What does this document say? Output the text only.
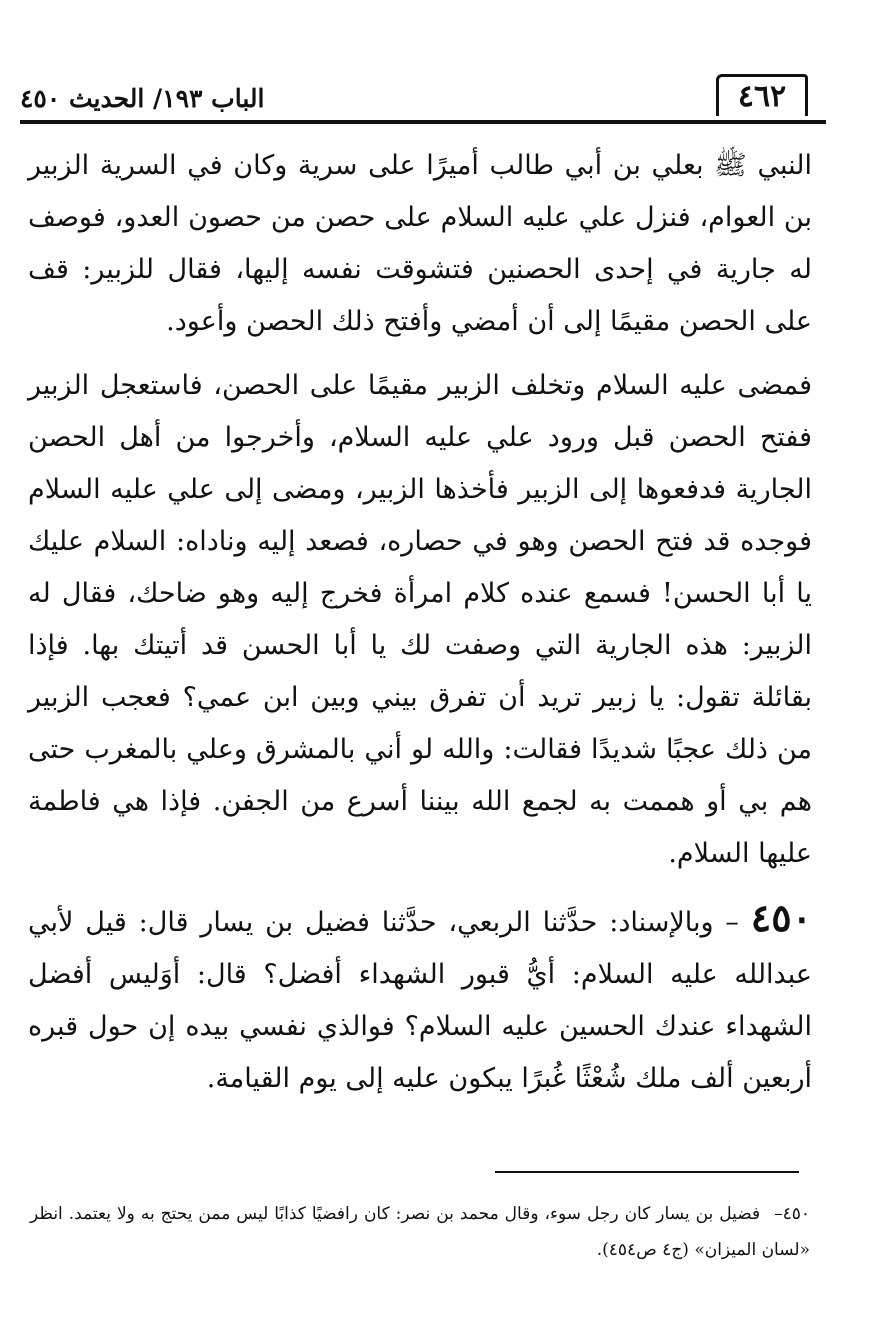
الباب ١٩٣/ الحديث ٤٥٠	٤٦٢

النبي ﷺ بعلي بن أبي طالب أميرًا على سرية وكان في السرية الزبير بن العوام، فنزل علي عليه السلام على حصن من حصون العدو، فوصف له جارية في إحدى الحصنين فتشوقت نفسه إليها، فقال للزبير: قف على الحصن مقيمًا إلى أن أمضي وأفتح ذلك الحصن وأعود.

فمضى عليه السلام وتخلف الزبير مقيمًا على الحصن، فاستعجل الزبير ففتح الحصن قبل ورود علي عليه السلام، وأخرجوا من أهل الحصن الجارية فدفعوها إلى الزبير فأخذها الزبير، ومضى إلى علي عليه السلام فوجده قد فتح الحصن وهو في حصاره، فصعد إليه وناداه: السلام عليك يا أبا الحسن! فسمع عنده كلام امرأة فخرج إليه وهو ضاحك، فقال له الزبير: هذه الجارية التي وصفت لك يا أبا الحسن قد أتيتك بها. فإذا بقائلة تقول: يا زبير تريد أن تفرق بيني وبين ابن عمي؟ فعجب الزبير من ذلك عجبًا شديدًا فقالت: والله لو أني بالمشرق وعلي بالمغرب حتى هم بي أو هممت به لجمع الله بيننا أسرع من الجفن. فإذا هي فاطمة عليها السلام.

٤٥٠ – وبالإسناد: حدَّثنا الربعي، حدَّثنا فضيل بن يسار قال: قيل لأبي عبدالله عليه السلام: أيُّ قبور الشهداء أفضل؟ قال: أوَليس أفضل الشهداء عندك الحسين عليه السلام؟ فوالذي نفسي بيده إن حول قبره أربعين ألف ملك شُعْثًا غُبرًا يبكون عليه إلى يوم القيامة.

٤٥٠–فضيل بن يسار كان رجل سوء، وقال محمد بن نصر: كان رافضيًا كذابًا ليس ممن يحتج به ولا يعتمد. انظر «لسان الميزان» (ج٤ ص٤٥٤).
